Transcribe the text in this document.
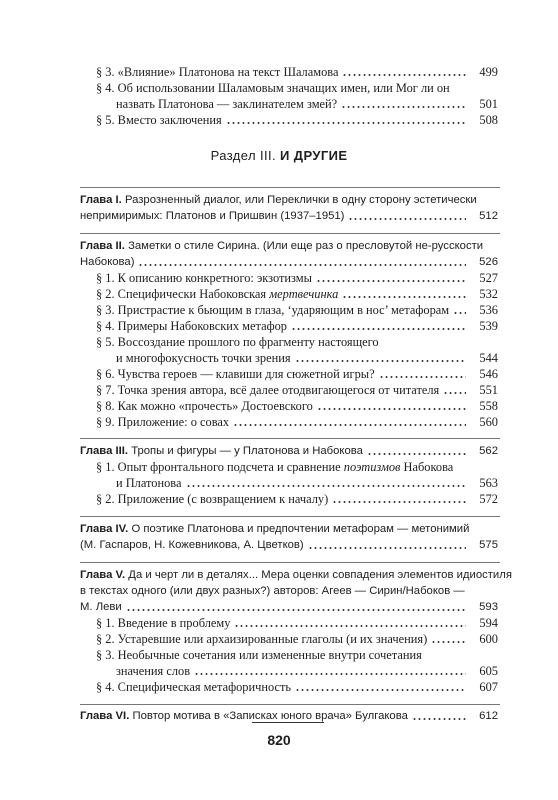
§ 3. «Влияние» Платонова на текст Шаламова	499
§ 4. Об использовании Шаламовым значащих имен, или Мог ли он
назвать Платонова — заклинателем змей?	501
§ 5. Вместо заключения	508
Раздел III. И ДРУГИЕ
Глава I. Разрозненный диалог, или Переклички в одну сторону эстетически
непримиримых: Платонов и Пришвин (1937–1951)	512
Глава II. Заметки о стиле Сирина. (Или еще раз о пресловутой не-русскости
Набокова)	526
§ 1. К описанию конкретного: экзотизмы	527
§ 2. Специфически Набоковская мертвечинка	532
§ 3. Пристрастие к бьющим в глаза, ‘ударяющим в нос’ метафорам	536
§ 4. Примеры Набоковских метафор	539
§ 5. Воссоздание прошлого по фрагменту настоящего
и многофокусность точки зрения	544
§ 6. Чувства героев — клавиши для сюжетной игры?	546
§ 7. Точка зрения автора, всё далее отодвигающегося от читателя	551
§ 8. Как можно «прочесть» Достоевского	558
§ 9. Приложение: о совах	560
Глава III. Тропы и фигуры — у Платонова и Набокова	562
§ 1. Опыт фронтального подсчета и сравнение поэтизмов Набокова
и Платонова	563
§ 2. Приложение (с возвращением к началу)	572
Глава IV. О поэтике Платонова и предпочтении метафорам — метонимий
(М. Гаспаров, Н. Кожевникова, А. Цветков)	575
Глава V. Да и черт ли в деталях... Мера оценки совпадения элементов идиостиля
в текстах одного (или двух разных?) авторов: Агеев — Сирин/Набоков —
М. Леви	593
§ 1. Введение в проблему	594
§ 2. Устаревшие или архаизированные глаголы (и их значения)	600
§ 3. Необычные сочетания или измененные внутри сочетания
значения слов	605
§ 4. Специфическая метафоричность	607
Глава VI. Повтор мотива в «Записках юного врача» Булгакова	612
820
